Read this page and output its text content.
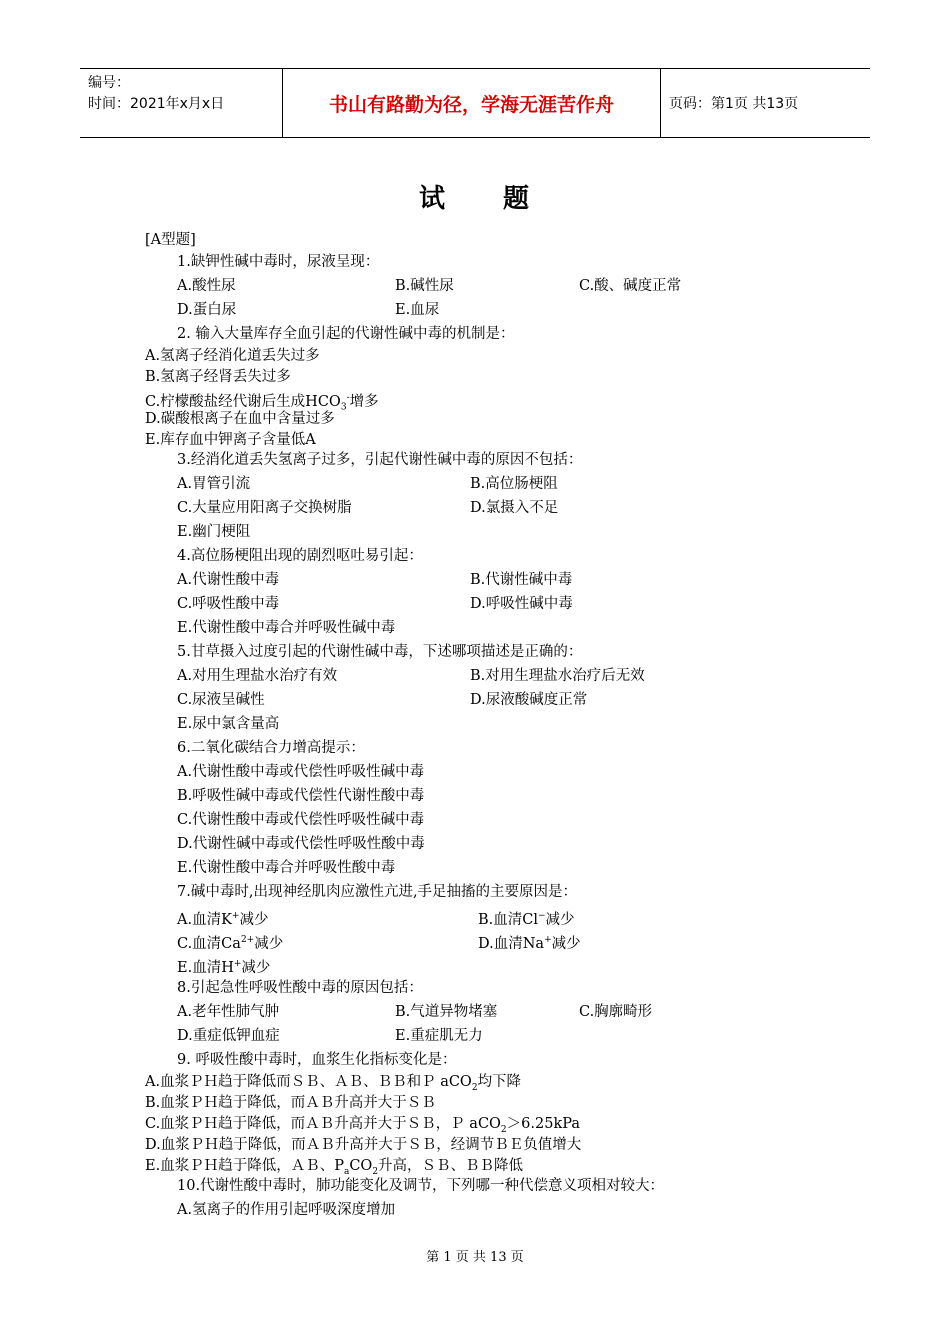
编号：
时间：2021年x月x日	书山有路勤为径，学海无涯苦作舟	页码：第1页 共13页
试 题
[A型题]
1.缺钾性碱中毒时，尿液呈现：
A.酸性尿	B.碱性尿	C.酸、碱度正常
D.蛋白尿	E.血尿
2. 输入大量库存全血引起的代谢性碱中毒的机制是：
A.氢离子经消化道丢失过多
B.氢离子经肾丢失过多
C.柠檬酸盐经代谢后生成$HCO_3^-$增多
D.碳酸根离子在血中含量过多
E.库存血中钾离子含量低A
3.经消化道丢失氢离子过多，引起代谢性碱中毒的原因不包括：
A.胃管引流	B.高位肠梗阻
C.大量应用阳离子交换树脂	D.氯摄入不足
E.幽门梗阻
4.高位肠梗阻出现的剧烈呕吐易引起：
A.代谢性酸中毒	B.代谢性碱中毒
C.呼吸性酸中毒	D.呼吸性碱中毒
E.代谢性酸中毒合并呼吸性碱中毒
5.甘草摄入过度引起的代谢性碱中毒，下述哪项描述是正确的：
A.对用生理盐水治疗有效	B.对用生理盐水治疗后无效
C.尿液呈碱性	D.尿液酸碱度正常
E.尿中氯含量高
6.二氧化碳结合力增高提示：
A.代谢性酸中毒或代偿性呼吸性碱中毒
B.呼吸性碱中毒或代偿性代谢性酸中毒
C.代谢性酸中毒或代偿性呼吸性碱中毒
D.代谢性碱中毒或代偿性呼吸性酸中毒
E.代谢性酸中毒合并呼吸性酸中毒
7.碱中毒时,出现神经肌肉应激性亢进,手足抽搐的主要原因是：
A.血清K+减少	B.血清Cl−减少
C.血清$Ca^{2+}$减少	D.血清Na+减少
E.血清H+减少
8.引起急性呼吸性酸中毒的原因包括：
A.老年性肺气肿	B.气道异物堵塞	C.胸廓畸形
D.重症低钾血症	E.重症肌无力
9. 呼吸性酸中毒时，血浆生化指标变化是：
A.血浆ＰＨ趋于降低而ＳＢ、ＡＢ、ＢＢ和Ｐ aCO$_2$均下降
B.血浆ＰＨ趋于降低，而ＡＢ升高并大于ＳＢ
C.血浆ＰＨ趋于降低，而ＡＢ升高并大于ＳＢ，Ｐ aCO$_2$＞6.25kPa
D.血浆ＰＨ趋于降低，而ＡＢ升高并大于ＳＢ，经调节ＢＥ负值增大
E.血浆ＰＨ趋于降低，ＡＢ、$P_aCO_2$升高，ＳＢ、ＢＢ降低
10.代谢性酸中毒时，肺功能变化及调节，下列哪一种代偿意义项相对较大：
A.氢离子的作用引起呼吸深度增加
第 1 页 共 13 页
